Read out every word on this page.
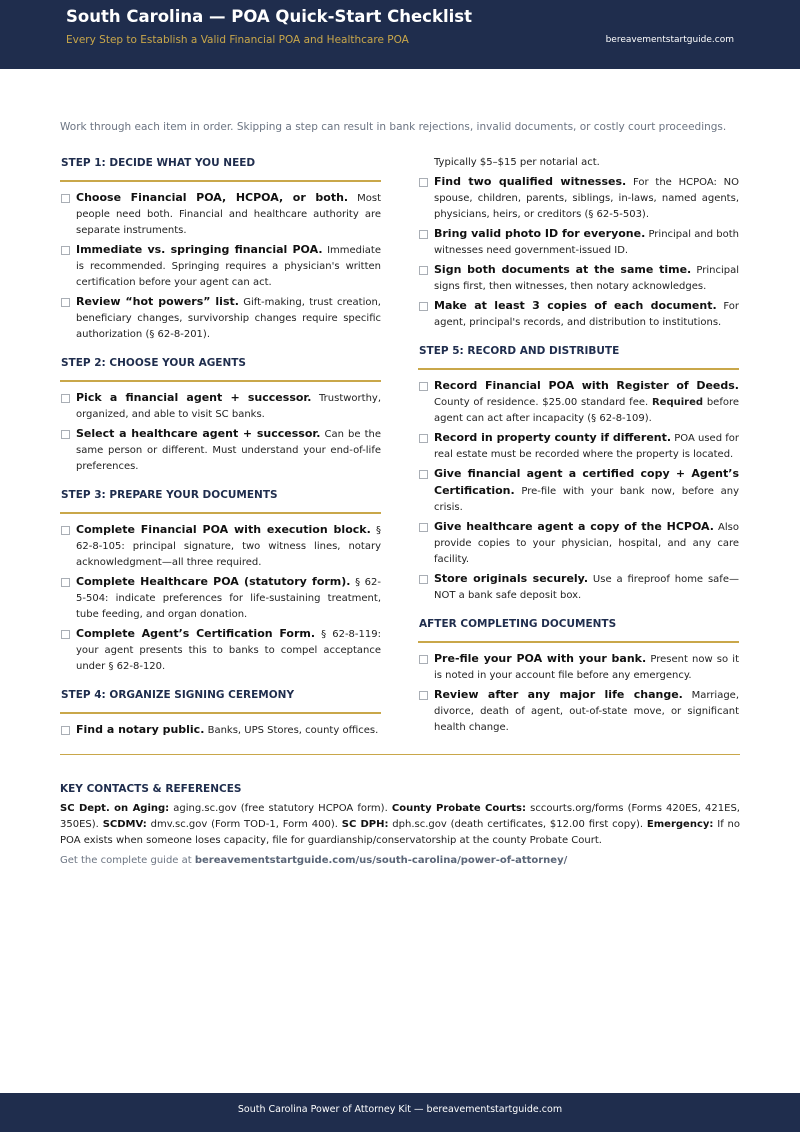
South Carolina — POA Quick-Start Checklist
Every Step to Establish a Valid Financial POA and Healthcare POA	bereavementstartguide.com
Work through each item in order. Skipping a step can result in bank rejections, invalid documents, or costly court proceedings.
STEP 1: DECIDE WHAT YOU NEED
Choose Financial POA, HCPOA, or both. Most people need both. Financial and healthcare authority are separate instruments.
Immediate vs. springing financial POA. Immediate is recommended. Springing requires a physician's written certification before your agent can act.
Review “hot powers” list. Gift-making, trust creation, beneficiary changes, survivorship changes require specific authorization (§ 62-8-201).
STEP 2: CHOOSE YOUR AGENTS
Pick a financial agent + successor. Trustworthy, organized, and able to visit SC banks.
Select a healthcare agent + successor. Can be the same person or different. Must understand your end-of-life preferences.
STEP 3: PREPARE YOUR DOCUMENTS
Complete Financial POA with execution block. § 62-8-105: principal signature, two witness lines, notary acknowledgment—all three required.
Complete Healthcare POA (statutory form). § 62-5-504: indicate preferences for life-sustaining treatment, tube feeding, and organ donation.
Complete Agent’s Certification Form. § 62-8-119: your agent presents this to banks to compel acceptance under § 62-8-120.
STEP 4: ORGANIZE SIGNING CEREMONY
Find a notary public. Banks, UPS Stores, county offices.
Typically $5–$15 per notarial act.
Find two qualified witnesses. For the HCPOA: NO spouse, children, parents, siblings, in-laws, named agents, physicians, heirs, or creditors (§ 62-5-503).
Bring valid photo ID for everyone. Principal and both witnesses need government-issued ID.
Sign both documents at the same time. Principal signs first, then witnesses, then notary acknowledges.
Make at least 3 copies of each document. For agent, principal's records, and distribution to institutions.
STEP 5: RECORD AND DISTRIBUTE
Record Financial POA with Register of Deeds. County of residence. $25.00 standard fee. Required before agent can act after incapacity (§ 62-8-109).
Record in property county if different. POA used for real estate must be recorded where the property is located.
Give financial agent a certified copy + Agent’s Certification. Pre-file with your bank now, before any crisis.
Give healthcare agent a copy of the HCPOA. Also provide copies to your physician, hospital, and any care facility.
Store originals securely. Use a fireproof home safe—NOT a bank safe deposit box.
AFTER COMPLETING DOCUMENTS
Pre-file your POA with your bank. Present now so it is noted in your account file before any emergency.
Review after any major life change. Marriage, divorce, death of agent, out-of-state move, or significant health change.
KEY CONTACTS & REFERENCES
SC Dept. on Aging: aging.sc.gov (free statutory HCPOA form). County Probate Courts: sccourts.org/forms (Forms 420ES, 421ES, 350ES). SCDMV: dmv.sc.gov (Form TOD-1, Form 400). SC DPH: dph.sc.gov (death certificates, $12.00 first copy). Emergency: If no POA exists when someone loses capacity, file for guardianship/conservatorship at the county Probate Court.
Get the complete guide at bereavementstartguide.com/us/south-carolina/power-of-attorney/
South Carolina Power of Attorney Kit — bereavementstartguide.com
